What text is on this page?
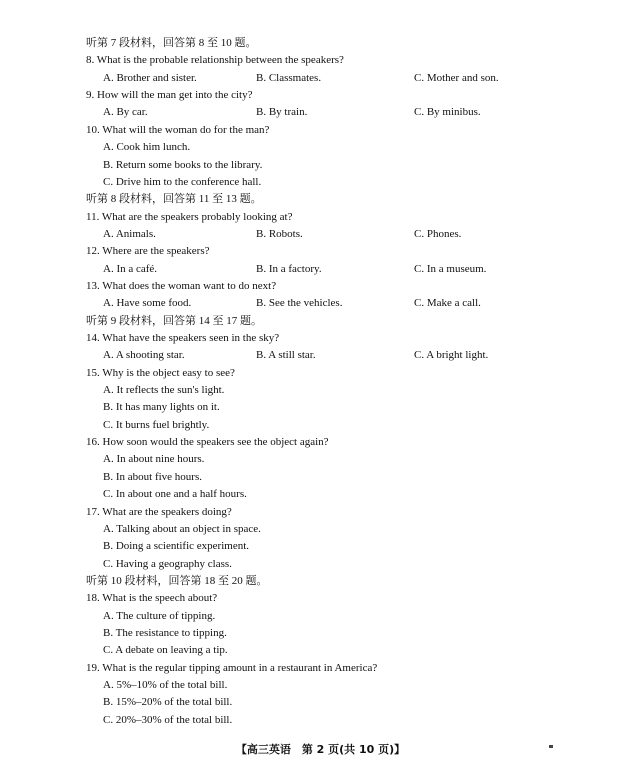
听第 7 段材料，回答第 8 至 10 题。
8. What is the probable relationship between the speakers?
A. Brother and sister.	B. Classmates.	C. Mother and son.
9. How will the man get into the city?
A. By car.	B. By train.	C. By minibus.
10. What will the woman do for the man?
A. Cook him lunch.
B. Return some books to the library.
C. Drive him to the conference hall.
听第 8 段材料，回答第 11 至 13 题。
11. What are the speakers probably looking at?
A. Animals.	B. Robots.	C. Phones.
12. Where are the speakers?
A. In a café.	B. In a factory.	C. In a museum.
13. What does the woman want to do next?
A. Have some food.	B. See the vehicles.	C. Make a call.
听第 9 段材料，回答第 14 至 17 题。
14. What have the speakers seen in the sky?
A. A shooting star.	B. A still star.	C. A bright light.
15. Why is the object easy to see?
A. It reflects the sun's light.
B. It has many lights on it.
C. It burns fuel brightly.
16. How soon would the speakers see the object again?
A. In about nine hours.
B. In about five hours.
C. In about one and a half hours.
17. What are the speakers doing?
A. Talking about an object in space.
B. Doing a scientific experiment.
C. Having a geography class.
听第 10 段材料，回答第 18 至 20 题。
18. What is the speech about?
A. The culture of tipping.
B. The resistance to tipping.
C. A debate on leaving a tip.
19. What is the regular tipping amount in a restaurant in America?
A. 5%–10% of the total bill.
B. 15%–20% of the total bill.
C. 20%–30% of the total bill.
【高三英语　第 2 页(共 10 页)】
